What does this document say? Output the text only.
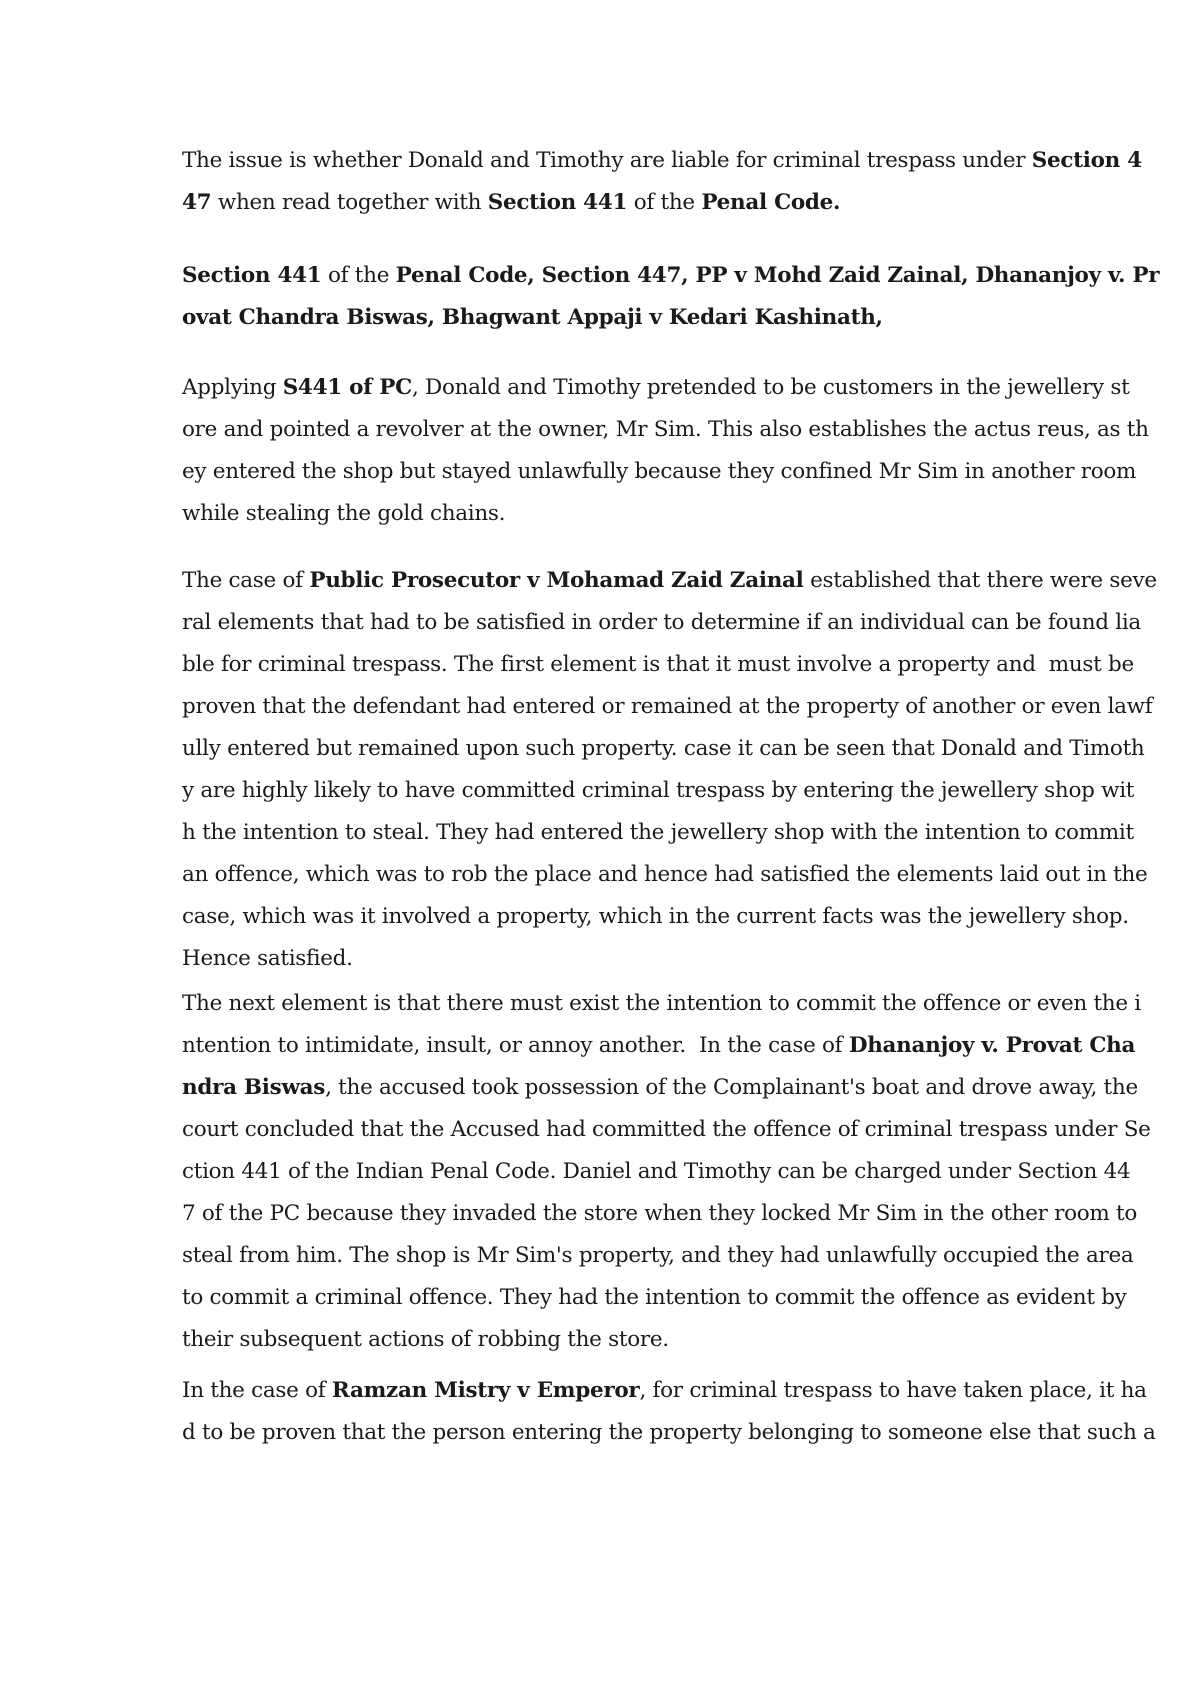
The issue is whether Donald and Timothy are liable for criminal trespass under Section 4
47 when read together with Section 441 of the Penal Code.
Section 441 of the Penal Code, Section 447, PP v Mohd Zaid Zainal, Dhananjoy v. Pr
ovat Chandra Biswas, Bhagwant Appaji v Kedari Kashinath,
Applying S441 of PC, Donald and Timothy pretended to be customers in the jewellery st
ore and pointed a revolver at the owner, Mr Sim. This also establishes the actus reus, as th
ey entered the shop but stayed unlawfully because they confined Mr Sim in another room
while stealing the gold chains.
The case of Public Prosecutor v Mohamad Zaid Zainal established that there were seve
ral elements that had to be satisfied in order to determine if an individual can be found lia
ble for criminal trespass. The first element is that it must involve a property and  must be
proven that the defendant had entered or remained at the property of another or even lawf
ully entered but remained upon such property. case it can be seen that Donald and Timoth
y are highly likely to have committed criminal trespass by entering the jewellery shop wit
h the intention to steal. They had entered the jewellery shop with the intention to commit
an offence, which was to rob the place and hence had satisfied the elements laid out in the
case, which was it involved a property, which in the current facts was the jewellery shop.
Hence satisfied.
The next element is that there must exist the intention to commit the offence or even the i
ntention to intimidate, insult, or annoy another.  In the case of Dhananjoy v. Provat Cha
ndra Biswas, the accused took possession of the Complainant's boat and drove away, the
court concluded that the Accused had committed the offence of criminal trespass under Se
ction 441 of the Indian Penal Code. Daniel and Timothy can be charged under Section 44
7 of the PC because they invaded the store when they locked Mr Sim in the other room to
steal from him. The shop is Mr Sim's property, and they had unlawfully occupied the area
to commit a criminal offence. They had the intention to commit the offence as evident by
their subsequent actions of robbing the store.
In the case of Ramzan Mistry v Emperor, for criminal trespass to have taken place, it ha
d to be proven that the person entering the property belonging to someone else that such a
